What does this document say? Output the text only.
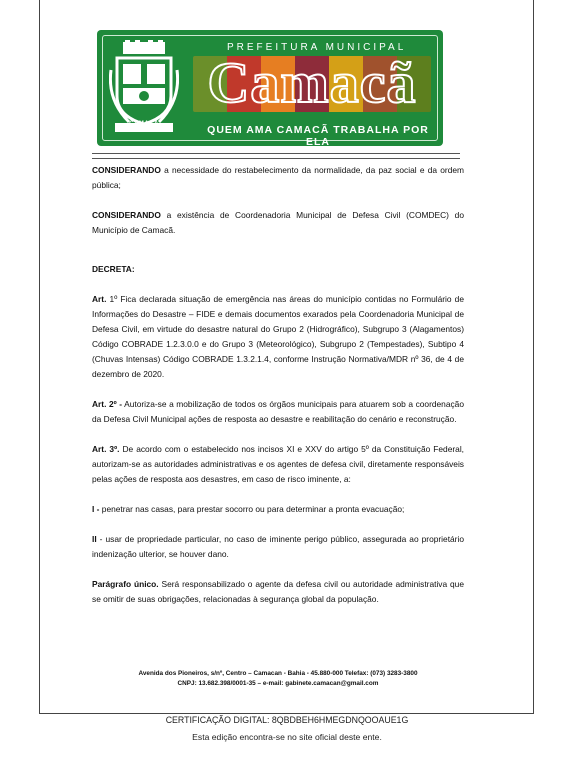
CAMACÃ
PREFEITURA MUNICIPAL
Camacã
QUEM AMA CAMACÃ TRABALHA POR ELA

CONSIDERANDO a necessidade do restabelecimento da normalidade, da paz social e da ordem pública;

CONSIDERANDO a existência de Coordenadoria Municipal de Defesa Civil (COMDEC) do Município de Camacã.

DECRETA:

Art. 1º Fica declarada situação de emergência nas áreas do município contidas no Formulário de Informações do Desastre – FIDE e demais documentos exarados pela Coordenadoria Municipal de Defesa Civil, em virtude do desastre natural do Grupo 2 (Hidrográfico), Subgrupo 3 (Alagamentos) Código COBRADE 1.2.3.0.0 e do Grupo 3 (Meteorológico), Subgrupo 2 (Tempestades), Subtipo 4 (Chuvas Intensas) Código COBRADE 1.3.2.1.4, conforme Instrução Normativa/MDR nº 36, de 4 de dezembro de 2020.

Art. 2º - Autoriza-se a mobilização de todos os órgãos municipais para atuarem sob a coordenação da Defesa Civil Municipal ações de resposta ao desastre e reabilitação do cenário e reconstrução.

Art. 3º. De acordo com o estabelecido nos incisos XI e XXV do artigo 5º da Constituição Federal, autorizam-se as autoridades administrativas e os agentes de defesa civil, diretamente responsáveis pelas ações de resposta aos desastres, em caso de risco iminente, a:

I - penetrar nas casas, para prestar socorro ou para determinar a pronta evacuação;

II - usar de propriedade particular, no caso de iminente perigo público, assegurada ao proprietário indenização ulterior, se houver dano.

Parágrafo único. Será responsabilizado o agente da defesa civil ou autoridade administrativa que se omitir de suas obrigações, relacionadas à segurança global da população.

Avenida dos Pioneiros, s/nº, Centro – Camacan - Bahia - 45.880-000 Telefax: (073) 3283-3800
CNPJ: 13.682.398/0001-35 – e-mail: gabinete.camacan@gmail.com
CERTIFICAÇÃO DIGITAL: 8QBDBEH6HMEGDNQOOAUE1G
Esta edição encontra-se no site oficial deste ente.
